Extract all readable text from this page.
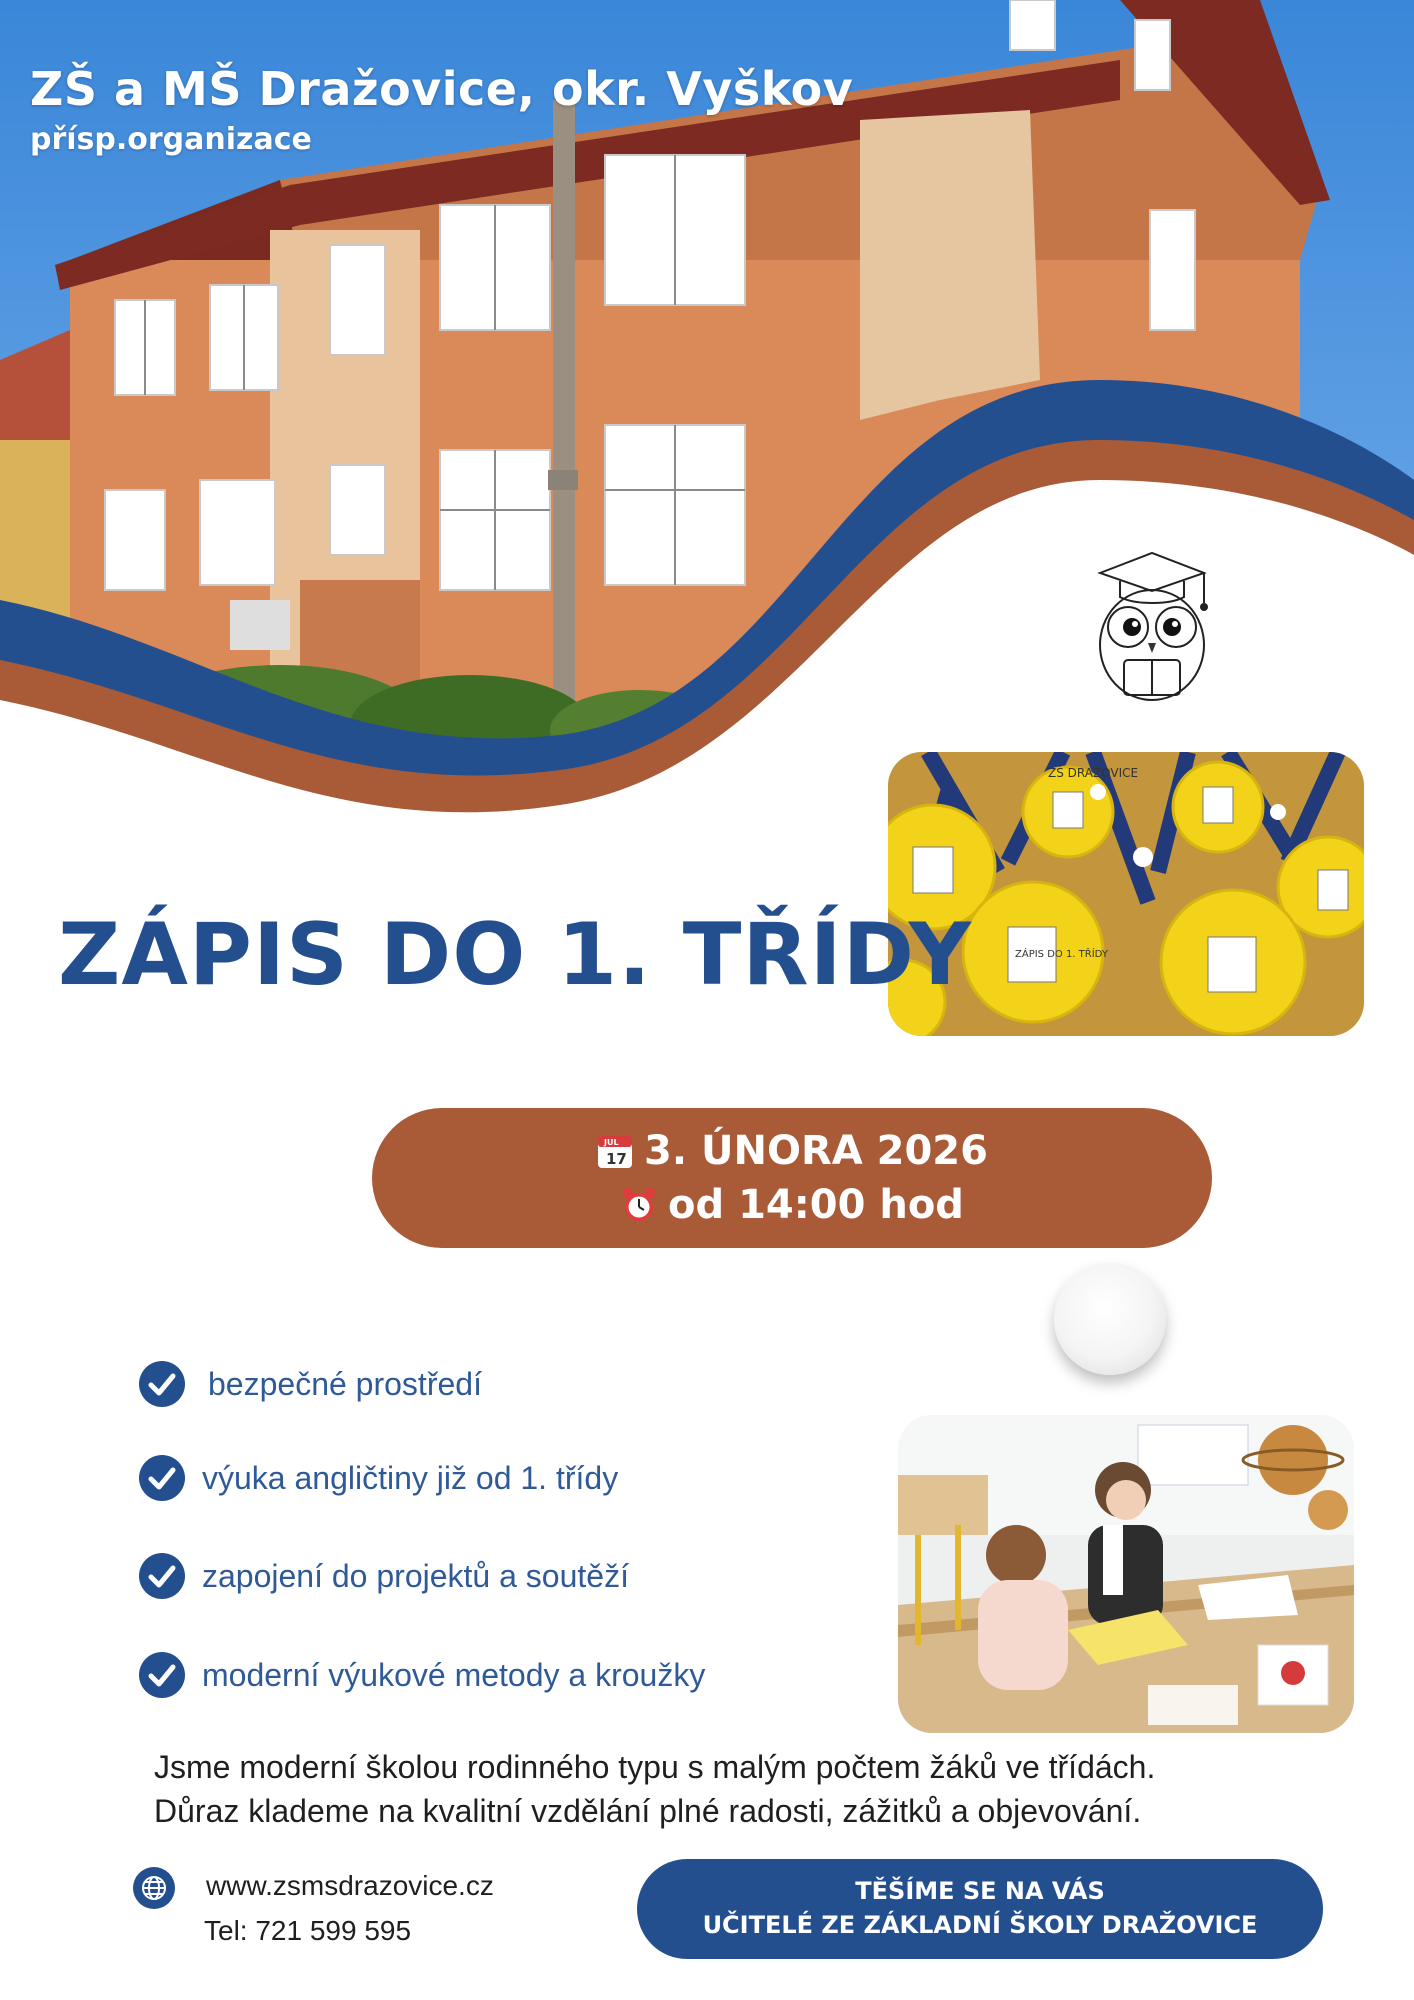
ZŠ a MŠ Dražovice, okr. Vyškov
přísp.organizace
ZŠ DRAŽOVICE
ZÁPIS DO 1. TŘÍDY
ZÁPIS DO 1. TŘÍDY
JUL
17 3. ÚNORA 2026
od 14:00 hod
bezpečné prostředí
výuka angličtiny již od 1. třídy
zapojení do projektů a soutěží
moderní výukové metody a kroužky
Jsme moderní školou rodinného typu s malým počtem žáků ve třídách.
Důraz klademe na kvalitní vzdělání plné radosti, zážitků a objevování.
www.zsmsdrazovice.cz
Tel: 721 599 595
TĚŠÍME SE NA VÁS
UČITELÉ ZE ZÁKLADNÍ ŠKOLY DRAŽOVICE
